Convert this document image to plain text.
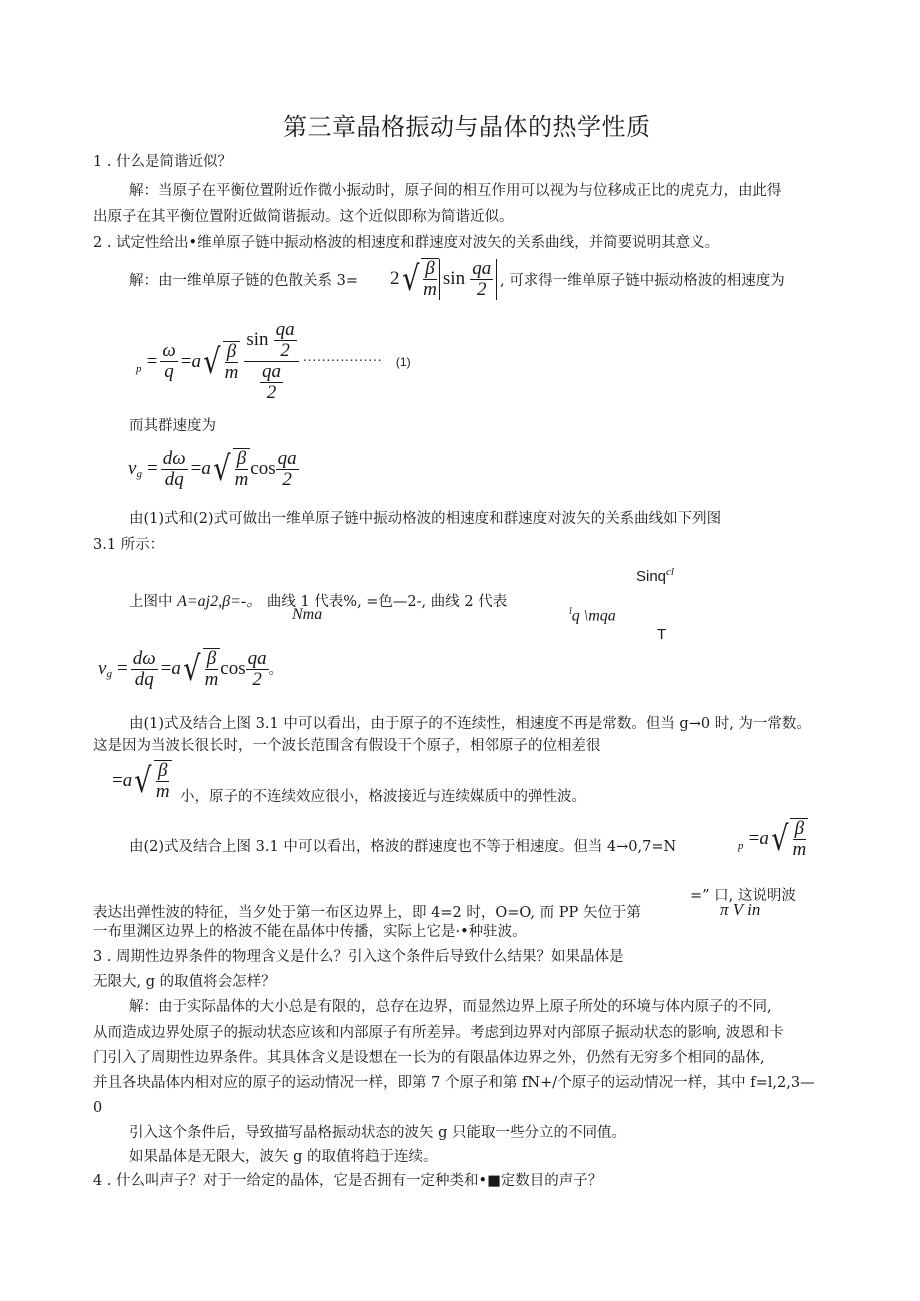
第三章晶格振动与晶体的热学性质
1 . 什么是简谐近似？
解：当原子在平衡位置附近作微小振动时，原子间的相互作用可以视为与位移成正比的虎克力，由此得
出原子在其平衡位置附近做简谐振动。这个近似即称为简谐近似。
2 . 试定性给出•维单原子链中振动格波的相速度和群速度对波矢的关系曲线，并简要说明其意义。
解：由一维单原子链的色散关系 3= 2 √ $\frac{\beta}{m}$ sin
$\frac{qa}{2}$ , 可求得一维单原子链中振动格波的相速度为
p
= $\frac{\omega}{q} = a$ √ $\frac{\beta}{m} \frac{\sin \frac{qa}{2}}{\frac{qa}{2}}$ ················· (1)
而其群速度为
v g
= $\frac{d\omega}{dq} = a$ √ $\frac{\beta}{m}$ $\cos \frac{qa}{2}$
由(1)式和(2)式可做出一维单原子链中振动格波的相速度和群速度对波矢的关系曲线如下列图
3.1 所示：
Sinq$^{cl}$
上图中 A=aj2,β=-。 曲线 1 代表%, =色—2-, 曲线 2 代表
Nma	$^l$q \mqa
T
v g
= $\frac{d\omega}{dq} = a$ √ $\frac{\beta}{m}$ $\cos \frac{qa}{2}$ 。
由(1)式及结合上图 3.1 中可以看出，由于原子的不连续性，相速度不再是常数。但当 g→0 时, 为一常数。
这是因为当波长很长时，一个波长范围含有假设干个原子，相邻原子的位相差很
= a √ $\frac{\beta}{m}$ 小，原子的不连续效应很小，格波接近与连续媒质中的弹性波。
由(2)式及结合上图 3.1 中可以看出，格波的群速度也不等于相速度。但当 4→0,7=N	p
= a √ $\frac{\beta}{m}$
=” 口, 这说明波
π V in
表达出弹性波的特征，当夕处于第一布区边界上，即 4=2 时，O=O, 而 PP 矢位于第
一布里渊区边界上的格波不能在晶体中传播，实际上它是·•种驻波。
3 . 周期性边界条件的物理含义是什么？引入这个条件后导致什么结果？如果晶体是
无限大, g 的取值将会怎样？
解：由于实际晶体的大小总是有限的，总存在边界，而显然边界上原子所处的环境与体内原子的不同,
从而造成边界处原子的振动状态应该和内部原子有所差异。考虑到边界对内部原子振动状态的影响, 波恩和卡
门引入了周期性边界条件。其具体含义是设想在一长为的有限晶体边界之外，仍然有无穷多个相同的晶体,
并且各块晶体内相对应的原子的运动情况一样，即第 7 个原子和第 fN+/个原子的运动情况一样，其中 f=l,2,3—
0
引入这个条件后，导致描写晶格振动状态的波矢 g 只能取一些分立的不同值。
如果晶体是无限大，波矢 g 的取值将趋于连续。
4 . 什么叫声子？对于一给定的晶体，它是否拥有一定种类和•■定数目的声子？
